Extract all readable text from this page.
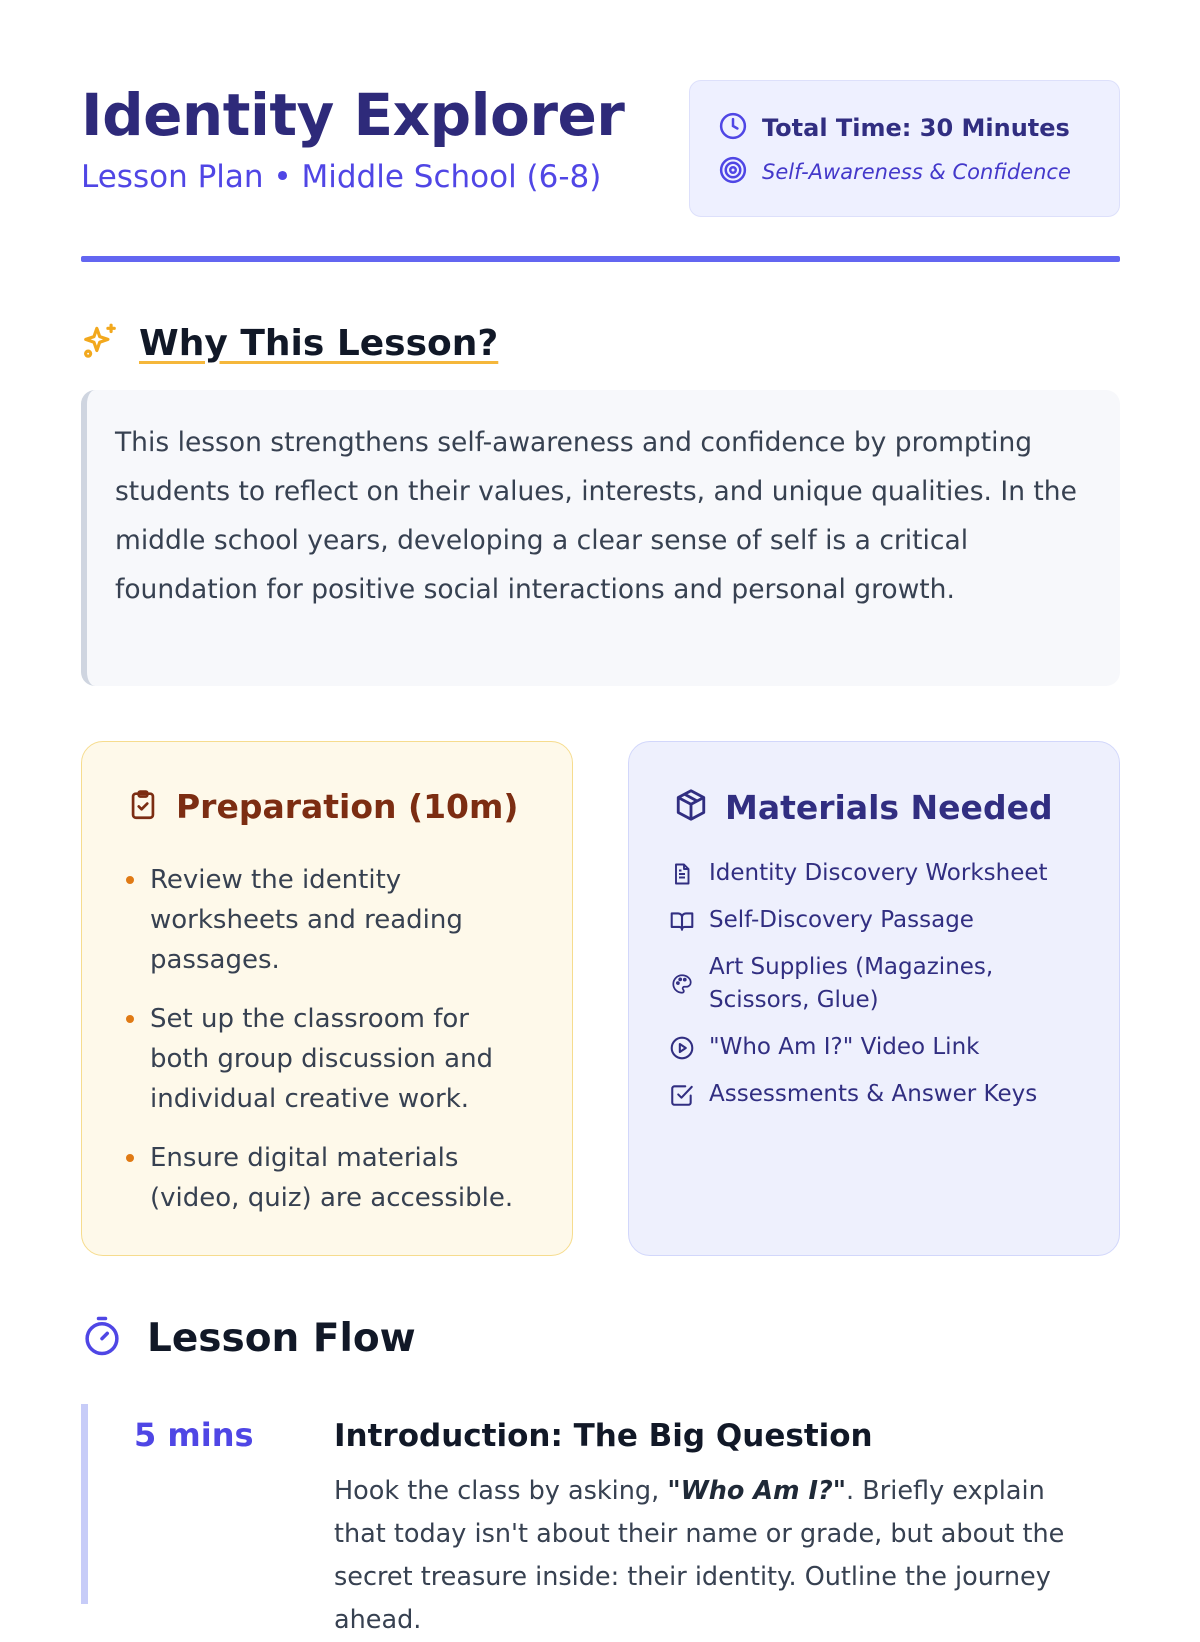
Identity Explorer
Lesson Plan • Middle School (6-8)
Total Time: 30 Minutes
Self-Awareness & Confidence
Why This Lesson?

This lesson strengthens self-awareness and confidence by prompting students to reflect on their values, interests, and unique qualities. In the middle school years, developing a clear sense of self is a critical foundation for positive social interactions and personal growth.

Preparation (10m)
Review the identity worksheets and reading passages.
Set up the classroom for both group discussion and individual creative work.
Ensure digital materials (video, quiz) are accessible.
Materials Needed
Identity Discovery Worksheet
Self-Discovery Passage
Art Supplies (Magazines, Scissors, Glue)
"Who Am I?" Video Link
Assessments & Answer Keys
Lesson Flow
5 mins	Introduction: The Big Question
Hook the class by asking, "Who Am I?". Briefly explain that today isn't about their name or grade, but about the secret treasure inside: their identity. Outline the journey ahead.
